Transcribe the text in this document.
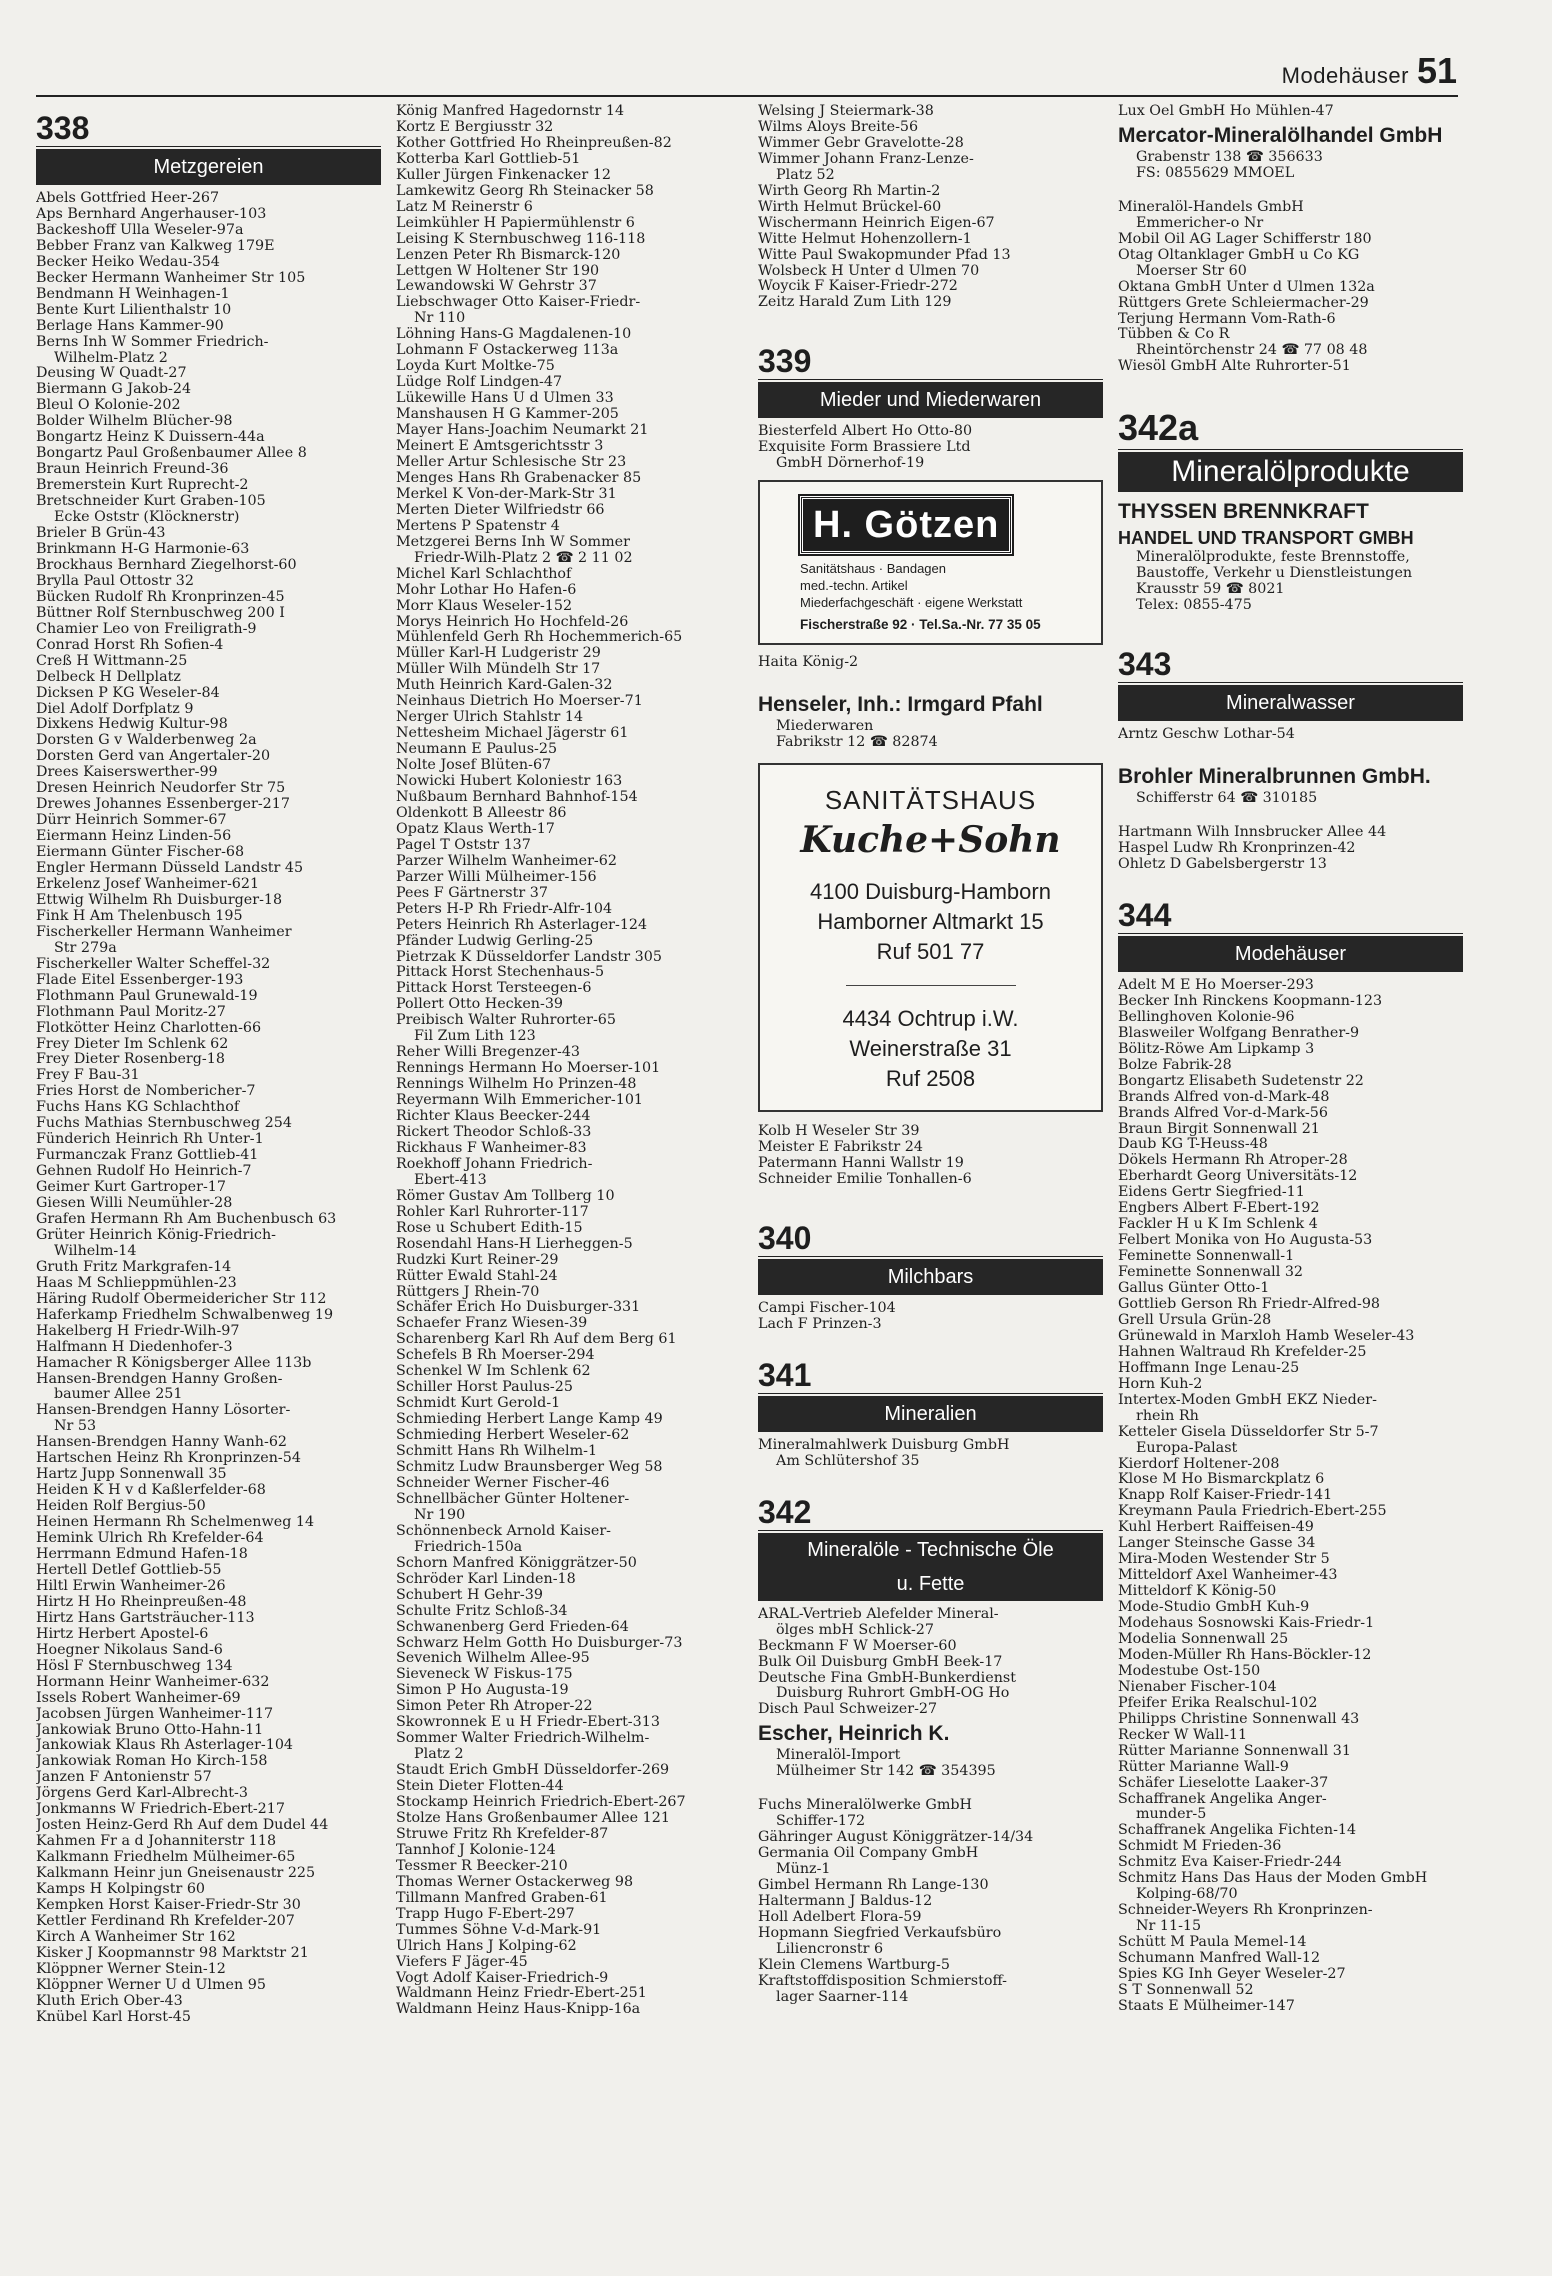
Modehäuser 51
338
Metzgereien
Abels Gottfried Heer-267
Aps Bernhard Angerhauser-103
Backeshoff Ulla Weseler-97a
Bebber Franz van Kalkweg 179E
Becker Heiko Wedau-354
Becker Hermann Wanheimer Str 105
Bendmann H Weinhagen-1
Bente Kurt Lilienthalstr 10
Berlage Hans Kammer-90
Berns Inh W Sommer Friedrich-
Wilhelm-Platz 2
Deusing W Quadt-27
Biermann G Jakob-24
Bleul O Kolonie-202
Bolder Wilhelm Blücher-98
Bongartz Heinz K Duissern-44a
Bongartz Paul Großenbaumer Allee 8
Braun Heinrich Freund-36
Bremerstein Kurt Ruprecht-2
Bretschneider Kurt Graben-105
Ecke Oststr (Klöcknerstr)
Brieler B Grün-43
Brinkmann H-G Harmonie-63
Brockhaus Bernhard Ziegelhorst-60
Brylla Paul Ottostr 32
Bücken Rudolf Rh Kronprinzen-45
Büttner Rolf Sternbuschweg 200 I
Chamier Leo von Freiligrath-9
Conrad Horst Rh Sofien-4
Creß H Wittmann-25
Delbeck H Dellplatz
Dicksen P KG Weseler-84
Diel Adolf Dorfplatz 9
Dixkens Hedwig Kultur-98
Dorsten G v Walderbenweg 2a
Dorsten Gerd van Angertaler-20
Drees Kaiserswerther-99
Dresen Heinrich Neudorfer Str 75
Drewes Johannes Essenberger-217
Dürr Heinrich Sommer-67
Eiermann Heinz Linden-56
Eiermann Günter Fischer-68
Engler Hermann Düsseld Landstr 45
Erkelenz Josef Wanheimer-621
Ettwig Wilhelm Rh Duisburger-18
Fink H Am Thelenbusch 195
Fischerkeller Hermann Wanheimer
Str 279a
Fischerkeller Walter Scheffel-32
Flade Eitel Essenberger-193
Flothmann Paul Grunewald-19
Flothmann Paul Moritz-27
Flotkötter Heinz Charlotten-66
Frey Dieter Im Schlenk 62
Frey Dieter Rosenberg-18
Frey F Bau-31
Fries Horst de Nombericher-7
Fuchs Hans KG Schlachthof
Fuchs Mathias Sternbuschweg 254
Fünderich Heinrich Rh Unter-1
Furmanczak Franz Gottlieb-41
Gehnen Rudolf Ho Heinrich-7
Geimer Kurt Gartroper-17
Giesen Willi Neumühler-28
Grafen Hermann Rh Am Buchenbusch 63
Grüter Heinrich König-Friedrich-
Wilhelm-14
Gruth Fritz Markgrafen-14
Haas M Schlieppmühlen-23
Häring Rudolf Obermeidericher Str 112
Haferkamp Friedhelm Schwalbenweg 19
Hakelberg H Friedr-Wilh-97
Halfmann H Diedenhofer-3
Hamacher R Königsberger Allee 113b
Hansen-Brendgen Hanny Großen-
baumer Allee 251
Hansen-Brendgen Hanny Lösorter-
Nr 53
Hansen-Brendgen Hanny Wanh-62
Hartschen Heinz Rh Kronprinzen-54
Hartz Jupp Sonnenwall 35
Heiden K H v d Kaßlerfelder-68
Heiden Rolf Bergius-50
Heinen Hermann Rh Schelmenweg 14
Hemink Ulrich Rh Krefelder-64
Herrmann Edmund Hafen-18
Hertell Detlef Gottlieb-55
Hiltl Erwin Wanheimer-26
Hirtz H Ho Rheinpreußen-48
Hirtz Hans Gartsträucher-113
Hirtz Herbert Apostel-6
Hoegner Nikolaus Sand-6
Hösl F Sternbuschweg 134
Hormann Heinr Wanheimer-632
Issels Robert Wanheimer-69
Jacobsen Jürgen Wanheimer-117
Jankowiak Bruno Otto-Hahn-11
Jankowiak Klaus Rh Asterlager-104
Jankowiak Roman Ho Kirch-158
Janzen F Antonienstr 57
Jörgens Gerd Karl-Albrecht-3
Jonkmanns W Friedrich-Ebert-217
Josten Heinz-Gerd Rh Auf dem Dudel 44
Kahmen Fr a d Johanniterstr 118
Kalkmann Friedhelm Mülheimer-65
Kalkmann Heinr jun Gneisenaustr 225
Kamps H Kolpingstr 60
Kempken Horst Kaiser-Friedr-Str 30
Kettler Ferdinand Rh Krefelder-207
Kirch A Wanheimer Str 162
Kisker J Koopmannstr 98 Marktstr 21
Klöppner Werner Stein-12
Klöppner Werner U d Ulmen 95
Kluth Erich Ober-43
Knübel Karl Horst-45
König Manfred Hagedornstr 14
Kortz E Bergiusstr 32
Kother Gottfried Ho Rheinpreußen-82
Kotterba Karl Gottlieb-51
Kuller Jürgen Finkenacker 12
Lamkewitz Georg Rh Steinacker 58
Latz M Reinerstr 6
Leimkühler H Papiermühlenstr 6
Leising K Sternbuschweg 116-118
Lenzen Peter Rh Bismarck-120
Lettgen W Holtener Str 190
Lewandowski W Gehrstr 37
Liebschwager Otto Kaiser-Friedr-
Nr 110
Löhning Hans-G Magdalenen-10
Lohmann F Ostackerweg 113a
Loyda Kurt Moltke-75
Lüdge Rolf Lindgen-47
Lükewille Hans U d Ulmen 33
Manshausen H G Kammer-205
Mayer Hans-Joachim Neumarkt 21
Meinert E Amtsgerichtsstr 3
Meller Artur Schlesische Str 23
Menges Hans Rh Grabenacker 85
Merkel K Von-der-Mark-Str 31
Merten Dieter Wilfriedstr 66
Mertens P Spatenstr 4
Metzgerei Berns Inh W Sommer
Friedr-Wilh-Platz 2 ☎ 2 11 02
Michel Karl Schlachthof
Mohr Lothar Ho Hafen-6
Morr Klaus Weseler-152
Morys Heinrich Ho Hochfeld-26
Mühlenfeld Gerh Rh Hochemmerich-65
Müller Karl-H Ludgeristr 29
Müller Wilh Mündelh Str 17
Muth Heinrich Kard-Galen-32
Neinhaus Dietrich Ho Moerser-71
Nerger Ulrich Stahlstr 14
Nettesheim Michael Jägerstr 61
Neumann E Paulus-25
Nolte Josef Blüten-67
Nowicki Hubert Koloniestr 163
Nußbaum Bernhard Bahnhof-154
Oldenkott B Alleestr 86
Opatz Klaus Werth-17
Pagel T Oststr 137
Parzer Wilhelm Wanheimer-62
Parzer Willi Mülheimer-156
Pees F Gärtnerstr 37
Peters H-P Rh Friedr-Alfr-104
Peters Heinrich Rh Asterlager-124
Pfänder Ludwig Gerling-25
Pietrzak K Düsseldorfer Landstr 305
Pittack Horst Stechenhaus-5
Pittack Horst Tersteegen-6
Pollert Otto Hecken-39
Preibisch Walter Ruhrorter-65
Fil Zum Lith 123
Reher Willi Bregenzer-43
Rennings Hermann Ho Moerser-101
Rennings Wilhelm Ho Prinzen-48
Reyermann Wilh Emmericher-101
Richter Klaus Beecker-244
Rickert Theodor Schloß-33
Rickhaus F Wanheimer-83
Roekhoff Johann Friedrich-
Ebert-413
Römer Gustav Am Tollberg 10
Rohler Karl Ruhrorter-117
Rose u Schubert Edith-15
Rosendahl Hans-H Lierheggen-5
Rudzki Kurt Reiner-29
Rütter Ewald Stahl-24
Rüttgers J Rhein-70
Schäfer Erich Ho Duisburger-331
Schaefer Franz Wiesen-39
Scharenberg Karl Rh Auf dem Berg 61
Schefels B Rh Moerser-294
Schenkel W Im Schlenk 62
Schiller Horst Paulus-25
Schmidt Kurt Gerold-1
Schmieding Herbert Lange Kamp 49
Schmieding Herbert Weseler-62
Schmitt Hans Rh Wilhelm-1
Schmitz Ludw Braunsberger Weg 58
Schneider Werner Fischer-46
Schnellbächer Günter Holtener-
Nr 190
Schönnenbeck Arnold Kaiser-
Friedrich-150a
Schorn Manfred Königgrätzer-50
Schröder Karl Linden-18
Schubert H Gehr-39
Schulte Fritz Schloß-34
Schwanenberg Gerd Frieden-64
Schwarz Helm Gotth Ho Duisburger-73
Sevenich Wilhelm Allee-95
Sieveneck W Fiskus-175
Simon P Ho Augusta-19
Simon Peter Rh Atroper-22
Skowronnek E u H Friedr-Ebert-313
Sommer Walter Friedrich-Wilhelm-
Platz 2
Staudt Erich GmbH Düsseldorfer-269
Stein Dieter Flotten-44
Stockamp Heinrich Friedrich-Ebert-267
Stolze Hans Großenbaumer Allee 121
Struwe Fritz Rh Krefelder-87
Tannhof J Kolonie-124
Tessmer R Beecker-210
Thomas Werner Ostackerweg 98
Tillmann Manfred Graben-61
Trapp Hugo F-Ebert-297
Tummes Söhne V-d-Mark-91
Ulrich Hans J Kolping-62
Viefers F Jäger-45
Vogt Adolf Kaiser-Friedrich-9
Waldmann Heinz Friedr-Ebert-251
Waldmann Heinz Haus-Knipp-16a
Welsing J Steiermark-38
Wilms Aloys Breite-56
Wimmer Gebr Gravelotte-28
Wimmer Johann Franz-Lenze-
Platz 52
Wirth Georg Rh Martin-2
Wirth Helmut Brückel-60
Wischermann Heinrich Eigen-67
Witte Helmut Hohenzollern-1
Witte Paul Swakopmunder Pfad 13
Wolsbeck H Unter d Ulmen 70
Woycik F Kaiser-Friedr-272
Zeitz Harald Zum Lith 129
339
Mieder und Miederwaren
Biesterfeld Albert Ho Otto-80
Exquisite Form Brassiere Ltd
GmbH Dörnerhof-19
H. Götzen
Sanitätshaus · Bandagen
med.-techn. Artikel
Miederfachgeschäft · eigene Werkstatt
Fischerstraße 92 · Tel.Sa.-Nr. 77 35 05
Haita König-2
Henseler, Inh.: Irmgard Pfahl
Miederwaren
Fabrikstr 12 ☎ 82874
SANITÄTSHAUS
Kuche+Sohn
4100 Duisburg-Hamborn
Hamborner Altmarkt 15
Ruf 501 77
4434 Ochtrup i.W.
Weinerstraße 31
Ruf 2508
Kolb H Weseler Str 39
Meister E Fabrikstr 24
Patermann Hanni Wallstr 19
Schneider Emilie Tonhallen-6
340
Milchbars
Campi Fischer-104
Lach F Prinzen-3
341
Mineralien
Mineralmahlwerk Duisburg GmbH
Am Schlütershof 35
342
Mineralöle - Technische Öle
u. Fette
ARAL-Vertrieb Alefelder Mineral-
ölges mbH Schlick-27
Beckmann F W Moerser-60
Bulk Oil Duisburg GmbH Beek-17
Deutsche Fina GmbH-Bunkerdienst
Duisburg Ruhrort GmbH-OG Ho
Disch Paul Schweizer-27
Escher, Heinrich K.
Mineralöl-Import
Mülheimer Str 142 ☎ 354395
Fuchs Mineralölwerke GmbH
Schiffer-172
Gähringer August Königgrätzer-14/34
Germania Oil Company GmbH
Münz-1
Gimbel Hermann Rh Lange-130
Haltermann J Baldus-12
Holl Adelbert Flora-59
Hopmann Siegfried Verkaufsbüro
Liliencronstr 6
Klein Clemens Wartburg-5
Kraftstoffdisposition Schmierstoff-
lager Saarner-114
Lux Oel GmbH Ho Mühlen-47
Mercator-Mineralölhandel GmbH
Grabenstr 138 ☎ 356633
FS: 0855629 MMOEL
Mineralöl-Handels GmbH
Emmericher-o Nr
Mobil Oil AG Lager Schifferstr 180
Ötag Öltanklager GmbH u Co KG
Moerser Str 60
Oktana GmbH Unter d Ulmen 132a
Rüttgers Grete Schleiermacher-29
Terjung Hermann Vom-Rath-6
Tübben & Co R
Rheintörchenstr 24 ☎ 77 08 48
Wiesöl GmbH Alte Ruhrorter-51
342a
Mineralölprodukte
THYSSEN BRENNKRAFT
HANDEL UND TRANSPORT GMBH
Mineralölprodukte, feste Brennstoffe,
Baustoffe, Verkehr u Dienstleistungen
Krausstr 59 ☎ 8021
Telex: 0855-475
343
Mineralwasser
Arntz Geschw Lothar-54
Brohler Mineralbrunnen GmbH.
Schifferstr 64 ☎ 310185
Hartmann Wilh Innsbrucker Allee 44
Haspel Ludw Rh Kronprinzen-42
Ohletz D Gabelsbergerstr 13
344
Modehäuser
Adelt M E Ho Moerser-293
Becker Inh Rinckens Koopmann-123
Bellinghoven Kolonie-96
Blasweiler Wolfgang Benrather-9
Bölitz-Röwe Am Lipkamp 3
Bolze Fabrik-28
Bongartz Elisabeth Sudetenstr 22
Brands Alfred von-d-Mark-48
Brands Alfred Vor-d-Mark-56
Braun Birgit Sonnenwall 21
Daub KG T-Heuss-48
Dökels Hermann Rh Atroper-28
Eberhardt Georg Universitäts-12
Eidens Gertr Siegfried-11
Engbers Albert F-Ebert-192
Fackler H u K Im Schlenk 4
Felbert Monika von Ho Augusta-53
Feminette Sonnenwall-1
Feminette Sonnenwall 32
Gallus Günter Otto-1
Gottlieb Gerson Rh Friedr-Alfred-98
Grell Ursula Grün-28
Grünewald in Marxloh Hamb Weseler-43
Hahnen Waltraud Rh Krefelder-25
Hoffmann Inge Lenau-25
Horn Kuh-2
Intertex-Moden GmbH EKZ Nieder-
rhein Rh
Ketteler Gisela Düsseldorfer Str 5-7
Europa-Palast
Kierdorf Holtener-208
Klose M Ho Bismarckplatz 6
Knapp Rolf Kaiser-Friedr-141
Kreymann Paula Friedrich-Ebert-255
Kuhl Herbert Raiffeisen-49
Langer Steinsche Gasse 34
Mira-Moden Westender Str 5
Mitteldorf Axel Wanheimer-43
Mitteldorf K König-50
Mode-Studio GmbH Kuh-9
Modehaus Sosnowski Kais-Friedr-1
Modelia Sonnenwall 25
Moden-Müller Rh Hans-Böckler-12
Modestube Ost-150
Nienaber Fischer-104
Pfeifer Erika Realschul-102
Philipps Christine Sonnenwall 43
Recker W Wall-11
Rütter Marianne Sonnenwall 31
Rütter Marianne Wall-9
Schäfer Lieselotte Laaker-37
Schaffranek Angelika Anger-
munder-5
Schaffranek Angelika Fichten-14
Schmidt M Frieden-36
Schmitz Eva Kaiser-Friedr-244
Schmitz Hans Das Haus der Moden GmbH
Kolping-68/70
Schneider-Weyers Rh Kronprinzen-
Nr 11-15
Schütt M Paula Memel-14
Schumann Manfred Wall-12
Spies KG Inh Geyer Weseler-27
S T Sonnenwall 52
Staats E Mülheimer-147
